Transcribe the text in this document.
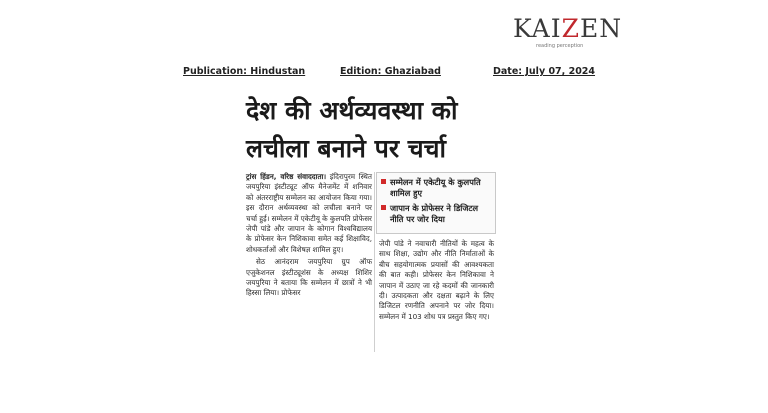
KAIZEN
reading perception
Publication: Hindustan	Edition: Ghaziabad	Date: July 07, 2024
देश की अर्थव्यवस्था को
लचीला बनाने पर चर्चा

ट्रांस हिंडन, वरिष्ठ संवाददाता। इंदिरापुरम स्थित जयपुरिया इंस्टीट्यूट ऑफ मैनेजमेंट में शनिवार को अंतरराष्ट्रीय सम्मेलन का आयोजन किया गया। इस दौरान अर्थव्यवस्था को लचीला बनाने पर चर्चा हुई। सम्मेलन में एकेटीयू के कुलपति प्रोफेसर जेपी पांडे और जापान के कोगान विश्वविद्यालय के प्रोफेसर केन निशिकावा समेत कई शिक्षाविद, शोधकर्ताओं और विशेषज्ञ शामिल हुए।

सेठ आनंदराम जयपुरिया ग्रुप ऑफ एजुकेशनल इंस्टीट्यूशंस के अध्यक्ष शिशिर जयपुरिया ने बताया कि सम्मेलन में छात्रों ने भी हिस्सा लिया। प्रोफेसर

सम्मेलन में एकेटीयू के कुलपति शामिल हुए
जापान के प्रोफेसर ने डिजिटल नीति पर जोर दिया

जेपी पांडे ने नवाचारी नीतियों के महत्व के साथ शिक्षा, उद्योग और नीति निर्माताओं के बीच सहयोगात्मक प्रयासों की आवश्यकता की बात कही। प्रोफेसर केन निशिकावा ने जापान में उठाए जा रहे कदमों की जानकारी दी। उत्पादकता और दक्षता बढ़ाने के लिए डिजिटल रणनीति अपनाने पर जोर दिया। सम्मेलन में 103 शोध पत्र प्रस्तुत किए गए।
